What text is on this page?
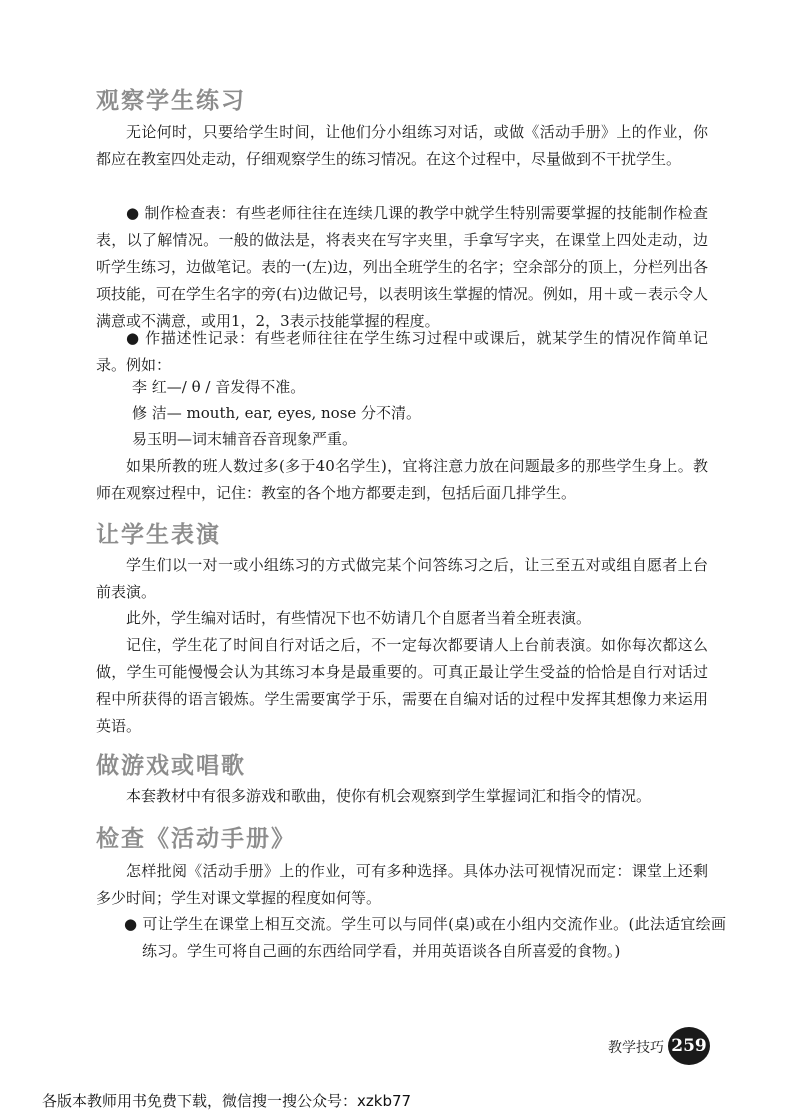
观察学生练习

无论何时，只要给学生时间，让他们分小组练习对话，或做《活动手册》上的作业，你都应在教室四处走动，仔细观察学生的练习情况。在这个过程中，尽量做到不干扰学生。

● 制作检查表：有些老师往往在连续几课的教学中就学生特别需要掌握的技能制作检查表，以了解情况。一般的做法是，将表夹在写字夹里，手拿写字夹，在课堂上四处走动，边听学生练习，边做笔记。表的一(左)边，列出全班学生的名字；空余部分的顶上，分栏列出各项技能，可在学生名字的旁(右)边做记号，以表明该生掌握的情况。例如，用＋或－表示令人满意或不满意，或用1，2，3表示技能掌握的程度。

● 作描述性记录：有些老师往往在学生练习过程中或课后，就某学生的情况作简单记录。例如：

李 红—/ θ / 音发得不准。

修 洁— mouth, ear, eyes, nose 分不清。

易玉明—词末辅音吞音现象严重。

如果所教的班人数过多(多于40名学生)，宜将注意力放在问题最多的那些学生身上。教师在观察过程中，记住：教室的各个地方都要走到，包括后面几排学生。

让学生表演

学生们以一对一或小组练习的方式做完某个问答练习之后，让三至五对或组自愿者上台前表演。

此外，学生编对话时，有些情况下也不妨请几个自愿者当着全班表演。

记住，学生花了时间自行对话之后，不一定每次都要请人上台前表演。如你每次都这么做，学生可能慢慢会认为其练习本身是最重要的。可真正最让学生受益的恰恰是自行对话过程中所获得的语言锻炼。学生需要寓学于乐，需要在自编对话的过程中发挥其想像力来运用英语。

做游戏或唱歌

本套教材中有很多游戏和歌曲，使你有机会观察到学生掌握词汇和指令的情况。

检查《活动手册》

怎样批阅《活动手册》上的作业，可有多种选择。具体办法可视情况而定：课堂上还剩多少时间；学生对课文掌握的程度如何等。

● 可让学生在课堂上相互交流。学生可以与同伴(桌)或在小组内交流作业。(此法适宜绘画练习。学生可将自己画的东西给同学看，并用英语谈各自所喜爱的食物。)

教学技巧 259
各版本教师用书免费下载，微信搜一搜公众号：xzkb77
